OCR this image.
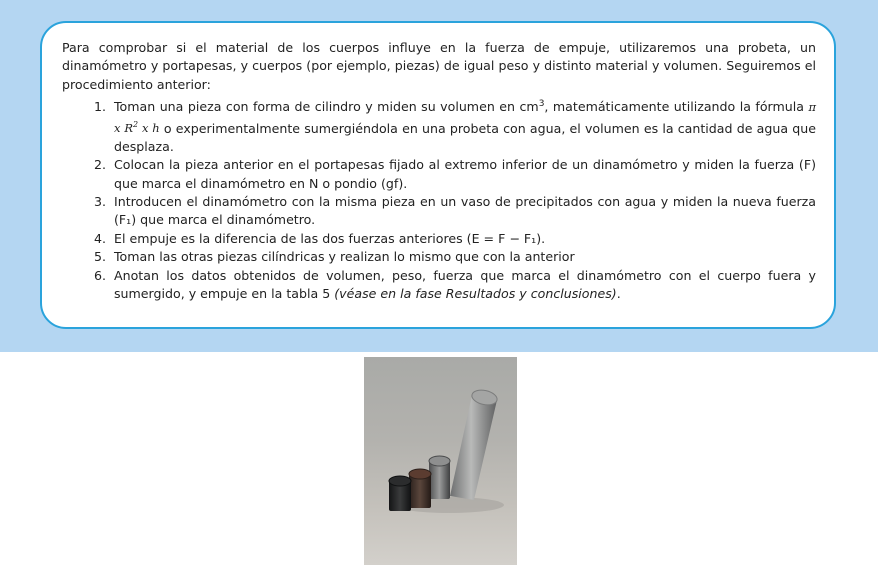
Para comprobar si el material de los cuerpos influye en la fuerza de empuje, utilizaremos una probeta, un dinamómetro y portapesas, y cuerpos (por ejemplo, piezas) de igual peso y distinto material y volumen. Seguiremos el procedimiento anterior:

1. Toman una pieza con forma de cilindro y miden su volumen en $cm^3$, matemáticamente utilizando la fórmula π x $R^2$ x h o experimentalmente sumergiéndola en una probeta con agua, el volumen es la cantidad de agua que desplaza.
2. Colocan la pieza anterior en el portapesas fijado al extremo inferior de un dinamómetro y miden la fuerza (F) que marca el dinamómetro en N o pondio (gf).
3. Introducen el dinamómetro con la misma pieza en un vaso de precipitados con agua y miden la nueva fuerza (F₁) que marca el dinamómetro.
4. El empuje es la diferencia de las dos fuerzas anteriores (E = F − F₁).
5. Toman las otras piezas cilíndricas y realizan lo mismo que con la anterior
6. Anotan los datos obtenidos de volumen, peso, fuerza que marca el dinamómetro con el cuerpo fuera y sumergido, y empuje en la tabla 5 (véase en la fase Resultados y conclusiones).
